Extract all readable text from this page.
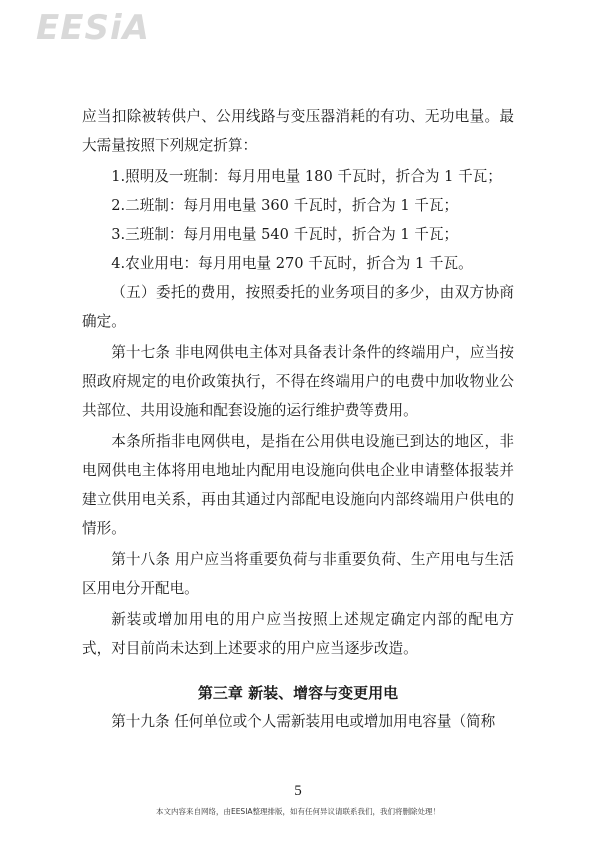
EESiA

应当扣除被转供户、公用线路与变压器消耗的有功、无功电量。最大需量按照下列规定折算：

1.照明及一班制：每月用电量 180 千瓦时，折合为 1 千瓦；

2.二班制：每月用电量 360 千瓦时，折合为 1 千瓦；

3.三班制：每月用电量 540 千瓦时，折合为 1 千瓦；

4.农业用电：每月用电量 270 千瓦时，折合为 1 千瓦。

（五）委托的费用，按照委托的业务项目的多少，由双方协商确定。

第十七条 非电网供电主体对具备表计条件的终端用户，应当按照政府规定的电价政策执行，不得在终端用户的电费中加收物业公共部位、共用设施和配套设施的运行维护费等费用。

本条所指非电网供电，是指在公用供电设施已到达的地区，非电网供电主体将用电地址内配用电设施向供电企业申请整体报装并建立供用电关系，再由其通过内部配电设施向内部终端用户供电的情形。

第十八条 用户应当将重要负荷与非重要负荷、生产用电与生活区用电分开配电。

新装或增加用电的用户应当按照上述规定确定内部的配电方式，对目前尚未达到上述要求的用户应当逐步改造。

第三章 新装、增容与变更用电

第十九条 任何单位或个人需新装用电或增加用电容量（简称

5
本文内容来自网络，由EESIA整理排版，如有任何异议请联系我们，我们将删除处理！
